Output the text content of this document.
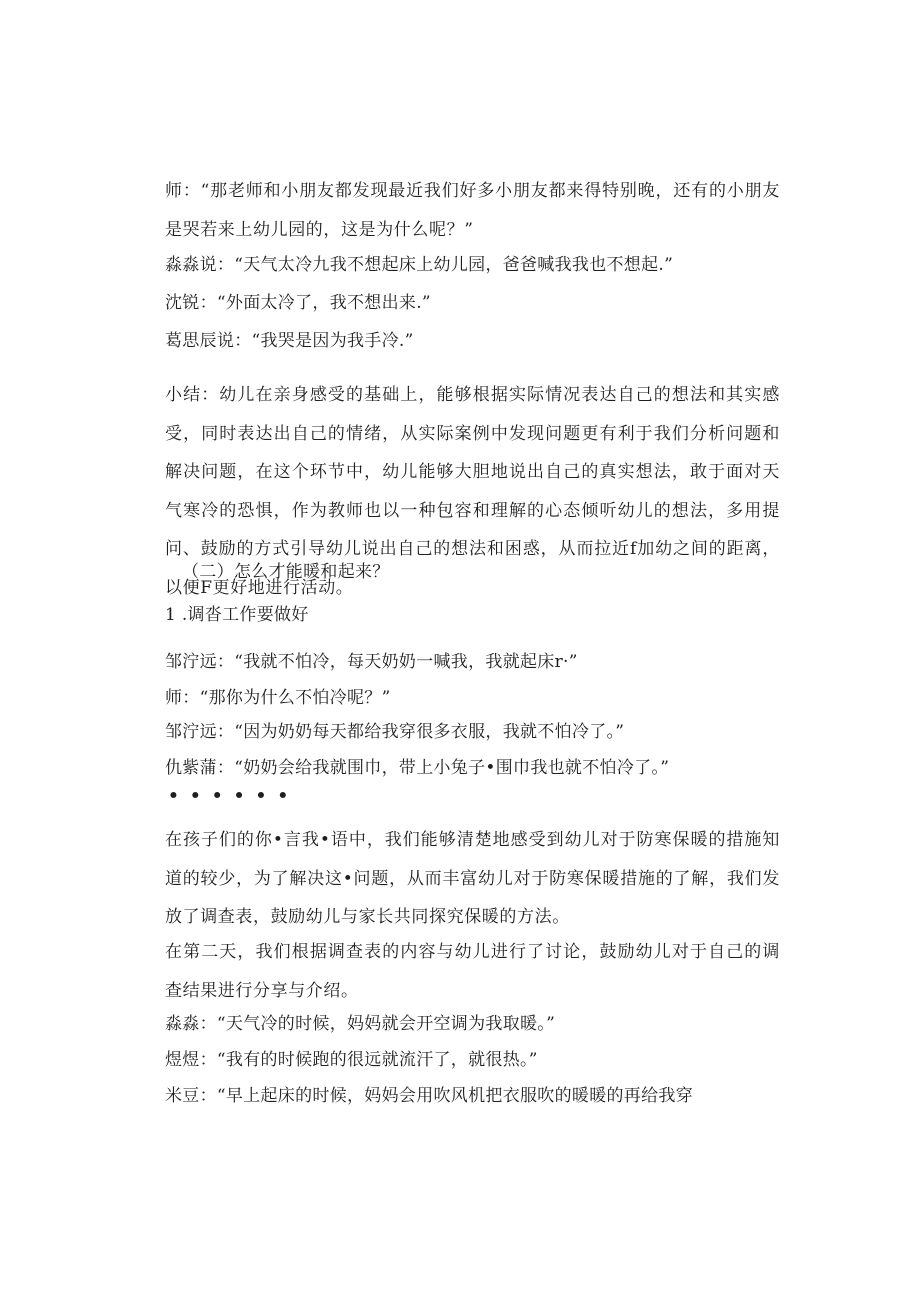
师：“那老师和小朋友都发现最近我们好多小朋友都来得特别晚，还有的小朋友是哭若来上幼儿园的，这是为什么呢？”
淼淼说：“天气太冷九我不想起床上幼儿园，爸爸喊我我也不想起.”
沈锐：“外面太冷了，我不想出来.”
葛思辰说：“我哭是因为我手冷.”
小结：幼儿在亲身感受的基础上，能够根据实际情况表达自己的想法和其实感受，同时表达出自己的情绪，从实际案例中发现问题更有利于我们分析问题和解决问题，在这个环节中，幼儿能够大胆地说出自己的真实想法，敢于面对天气寒冷的恐惧，作为教师也以一种包容和理解的心态倾听幼儿的想法，多用提问、鼓励的方式引导幼儿说出自己的想法和困惑，从而拉近f加幼之间的距离，以便F更好地进行活动。
（二）怎么才能暖和起来？
1 .调沓工作要做好
邹泞远：“我就不怕冷，每天奶奶一喊我，我就起床r·”
师：“那你为什么不怕冷呢？”
邹泞远：“因为奶奶每天都给我穿很多衣服，我就不怕冷了。”
仇紫蒲：“奶奶会给我就围巾，带上小兔子•围巾我也就不怕冷了。”
••••••
在孩子们的你•言我•语中，我们能够清楚地感受到幼儿对于防寒保暖的措施知道的较少，为了解决这•问题，从而丰富幼儿对于防寒保暖措施的了解，我们发放了调查表，鼓励幼儿与家长共同探究保暖的方法。
在第二天，我们根据调查表的内容与幼儿进行了讨论，鼓励幼儿对于自己的调查结果进行分享与介绍。
淼淼：“天气冷的时候，妈妈就会开空调为我取暖。”
煜煜：“我有的时候跑的很远就流汗了，就很热。”
米豆：“早上起床的时候，妈妈会用吹风机把衣服吹的暖暖的再给我穿
